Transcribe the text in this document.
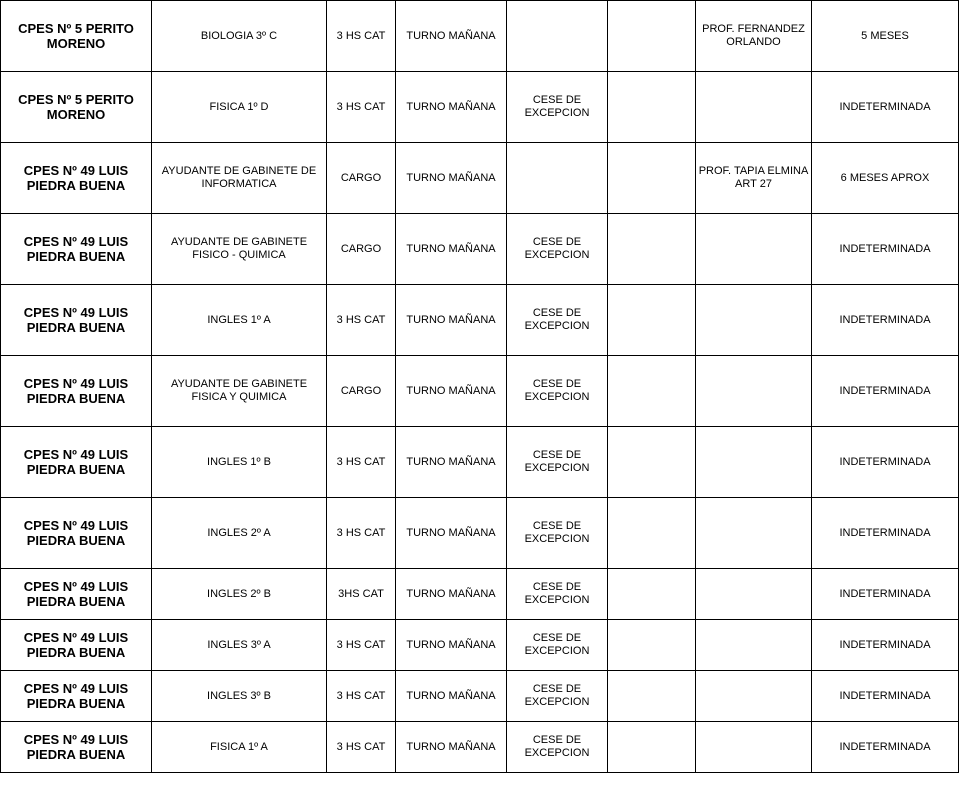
CPES Nº 5 PERITO MORENO	BIOLOGIA 3º C	3 HS CAT	TURNO MAÑANA			PROF. FERNANDEZ ORLANDO	5 MESES
CPES Nº 5 PERITO MORENO	FISICA 1º D	3 HS CAT	TURNO MAÑANA	CESE DE EXCEPCION			INDETERMINADA
CPES Nº 49 LUIS PIEDRA BUENA	AYUDANTE DE GABINETE DE INFORMATICA	CARGO	TURNO MAÑANA			PROF. TAPIA ELMINA ART 27	6 MESES APROX
CPES Nº 49 LUIS PIEDRA BUENA	AYUDANTE DE GABINETE FISICO - QUIMICA	CARGO	TURNO MAÑANA	CESE DE EXCEPCION			INDETERMINADA
CPES Nº 49 LUIS PIEDRA BUENA	INGLES 1º A	3 HS CAT	TURNO MAÑANA	CESE DE EXCEPCION			INDETERMINADA
CPES Nº 49 LUIS PIEDRA BUENA	AYUDANTE DE GABINETE FISICA Y QUIMICA	CARGO	TURNO MAÑANA	CESE DE EXCEPCION			INDETERMINADA
CPES Nº 49 LUIS PIEDRA BUENA	INGLES 1º B	3 HS CAT	TURNO MAÑANA	CESE DE EXCEPCION			INDETERMINADA
CPES Nº 49 LUIS PIEDRA BUENA	INGLES 2º A	3 HS CAT	TURNO MAÑANA	CESE DE EXCEPCION			INDETERMINADA
CPES Nº 49 LUIS PIEDRA BUENA	INGLES 2º B	3HS CAT	TURNO MAÑANA	CESE DE EXCEPCION			INDETERMINADA
CPES Nº 49 LUIS PIEDRA BUENA	INGLES 3º A	3 HS CAT	TURNO MAÑANA	CESE DE EXCEPCION			INDETERMINADA
CPES Nº 49 LUIS PIEDRA BUENA	INGLES 3º B	3 HS CAT	TURNO MAÑANA	CESE DE EXCEPCION			INDETERMINADA
CPES Nº 49 LUIS PIEDRA BUENA	FISICA 1º A	3 HS CAT	TURNO MAÑANA	CESE DE EXCEPCION			INDETERMINADA
